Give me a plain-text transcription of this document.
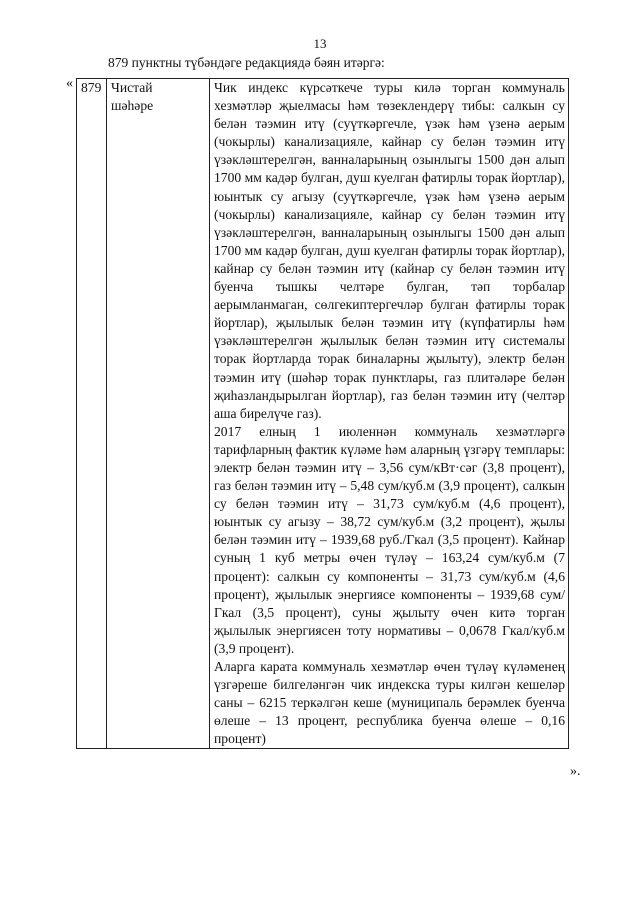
13
879 пунктны түбәндәге редакциядә бәян итәргә:
« 879	Чистай
шәһәре

Чик индекс күрсәткече туры килә торган коммуналь хезмәтләр җыелмасы һәм төзеклендерү тибы: салкын су белән тәэмин итү (суүткәргечле, үзәк һәм үзенә аерым (чокырлы) канализацияле, кайнар су белән тәэмин итү үзәкләштерелгән, ванналарының озынлыгы 1500 дән алып 1700 мм кадәр булган, душ куелган фатирлы торак йортлар), юынтык су агызу (суүткәргечле, үзәк һәм үзенә аерым (чокырлы) канализацияле, кайнар су белән тәэмин итү үзәкләштерелгән, ванналарының озынлыгы 1500 дән алып 1700 мм кадәр булган, душ куелган фатирлы торак йортлар), кайнар су белән тәэмин итү (кайнар су белән тәэмин итү буенча тышкы челтәре булган, тәп торбалар аерымланмаган, сөлгекиптергечләр булган фатирлы торак йортлар), җылылык белән тәэмин итү (күпфатирлы һәм үзәкләштерелгән җылылык белән тәэмин итү системалы торак йортларда торак биналарны җылыту), электр белән тәэмин итү (шәһәр торак пунктлары, газ плитәләре белән җиһазландырылган йортлар), газ белән тәэмин итү (челтәр аша бирелүче газ).
2017 елның 1 июленнән коммуналь хезмәтләргә тарифларның фактик күләме һәм аларның үзгәрү темплары: электр белән тәэмин итү – 3,56 сум/кВт·сәг (3,8 процент), газ белән тәэмин итү – 5,48 сум/куб.м (3,9 процент), салкын су белән тәэмин итү – 31,73 сум/куб.м (4,6 процент), юынтык су агызу – 38,72 сум/куб.м (3,2 процент), җылы белән тәэмин итү – 1939,68 руб./Гкал (3,5 процент). Кайнар суның 1 куб метры өчен түләү – 163,24 сум/куб.м (7 процент): салкын су компоненты – 31,73 сум/куб.м (4,6 процент), җылылык энергиясе компоненты – 1939,68 сум/Гкал (3,5 процент), суны җылыту өчен китә торган җылылык энергиясен тоту нормативы – 0,0678 Гкал/куб.м (3,9 процент).
Аларга карата коммуналь хезмәтләр өчен түләү күләменең үзгәреше билгеләнгән чик индекска туры килгән кешеләр саны – 6215 теркәлгән кеше (муниципаль берәмлек буенча өлеше – 13 процент, республика буенча өлеше – 0,16 процент)
».
